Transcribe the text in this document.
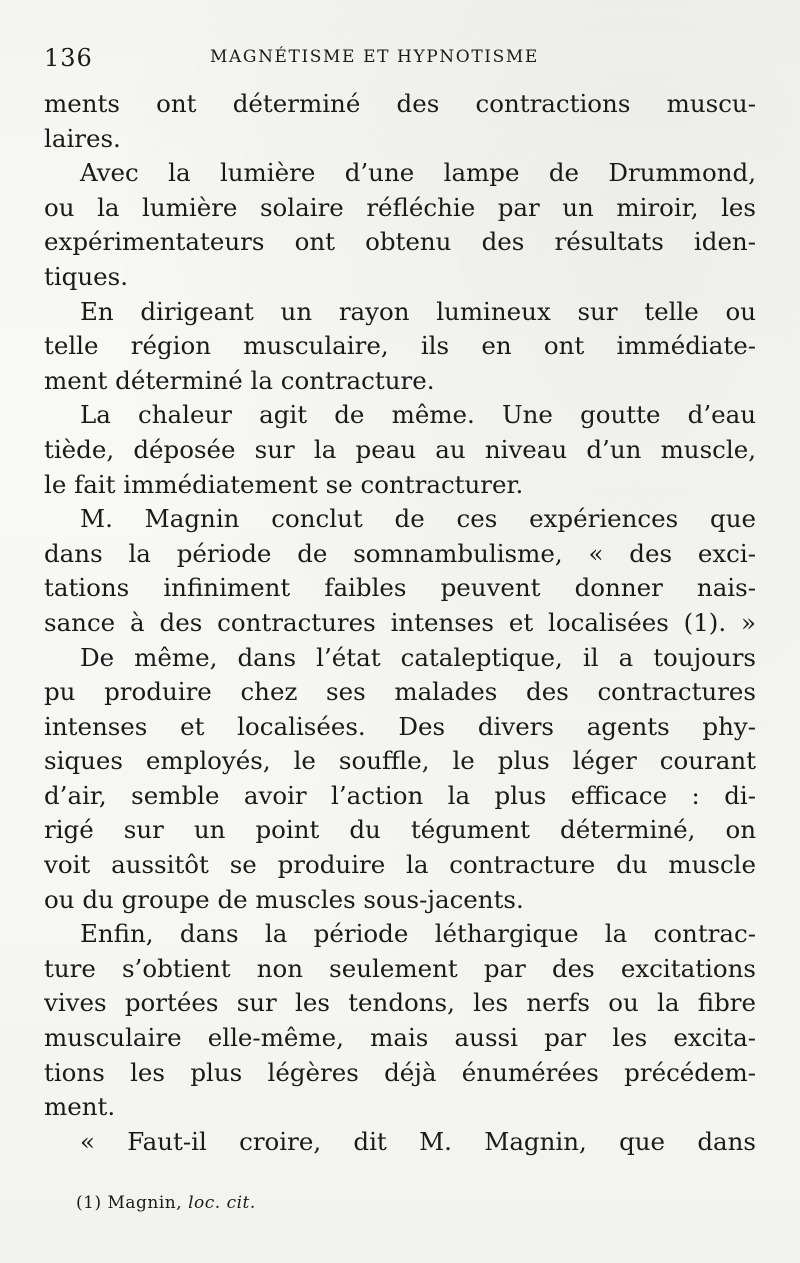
136	MAGNÉTISME ET HYPNOTISME
ments ont déterminé des contractions muscu-
laires.
Avec la lumière d’une lampe de Drummond,
ou la lumière solaire réfléchie par un miroir, les
expérimentateurs ont obtenu des résultats iden-
tiques.
En dirigeant un rayon lumineux sur telle ou
telle région musculaire, ils en ont immédiate-
ment déterminé la contracture.
La chaleur agit de même. Une goutte d’eau
tiède, déposée sur la peau au niveau d’un muscle,
le fait immédiatement se contracturer.
M. Magnin conclut de ces expériences que
dans la période de somnambulisme, « des exci-
tations infiniment faibles peuvent donner nais-
sance à des contractures intenses et localisées (1). »
De même, dans l’état cataleptique, il a toujours
pu produire chez ses malades des contractures
intenses et localisées. Des divers agents phy-
siques employés, le souffle, le plus léger courant
d’air, semble avoir l’action la plus efficace : di-
rigé sur un point du tégument déterminé, on
voit aussitôt se produire la contracture du muscle
ou du groupe de muscles sous-jacents.
Enfin, dans la période léthargique la contrac-
ture s’obtient non seulement par des excitations
vives portées sur les tendons, les nerfs ou la fibre
musculaire elle-même, mais aussi par les excita-
tions les plus légères déjà énumérées précédem-
ment.
« Faut-il croire, dit M. Magnin, que dans
(1) Magnin, loc. cit.
